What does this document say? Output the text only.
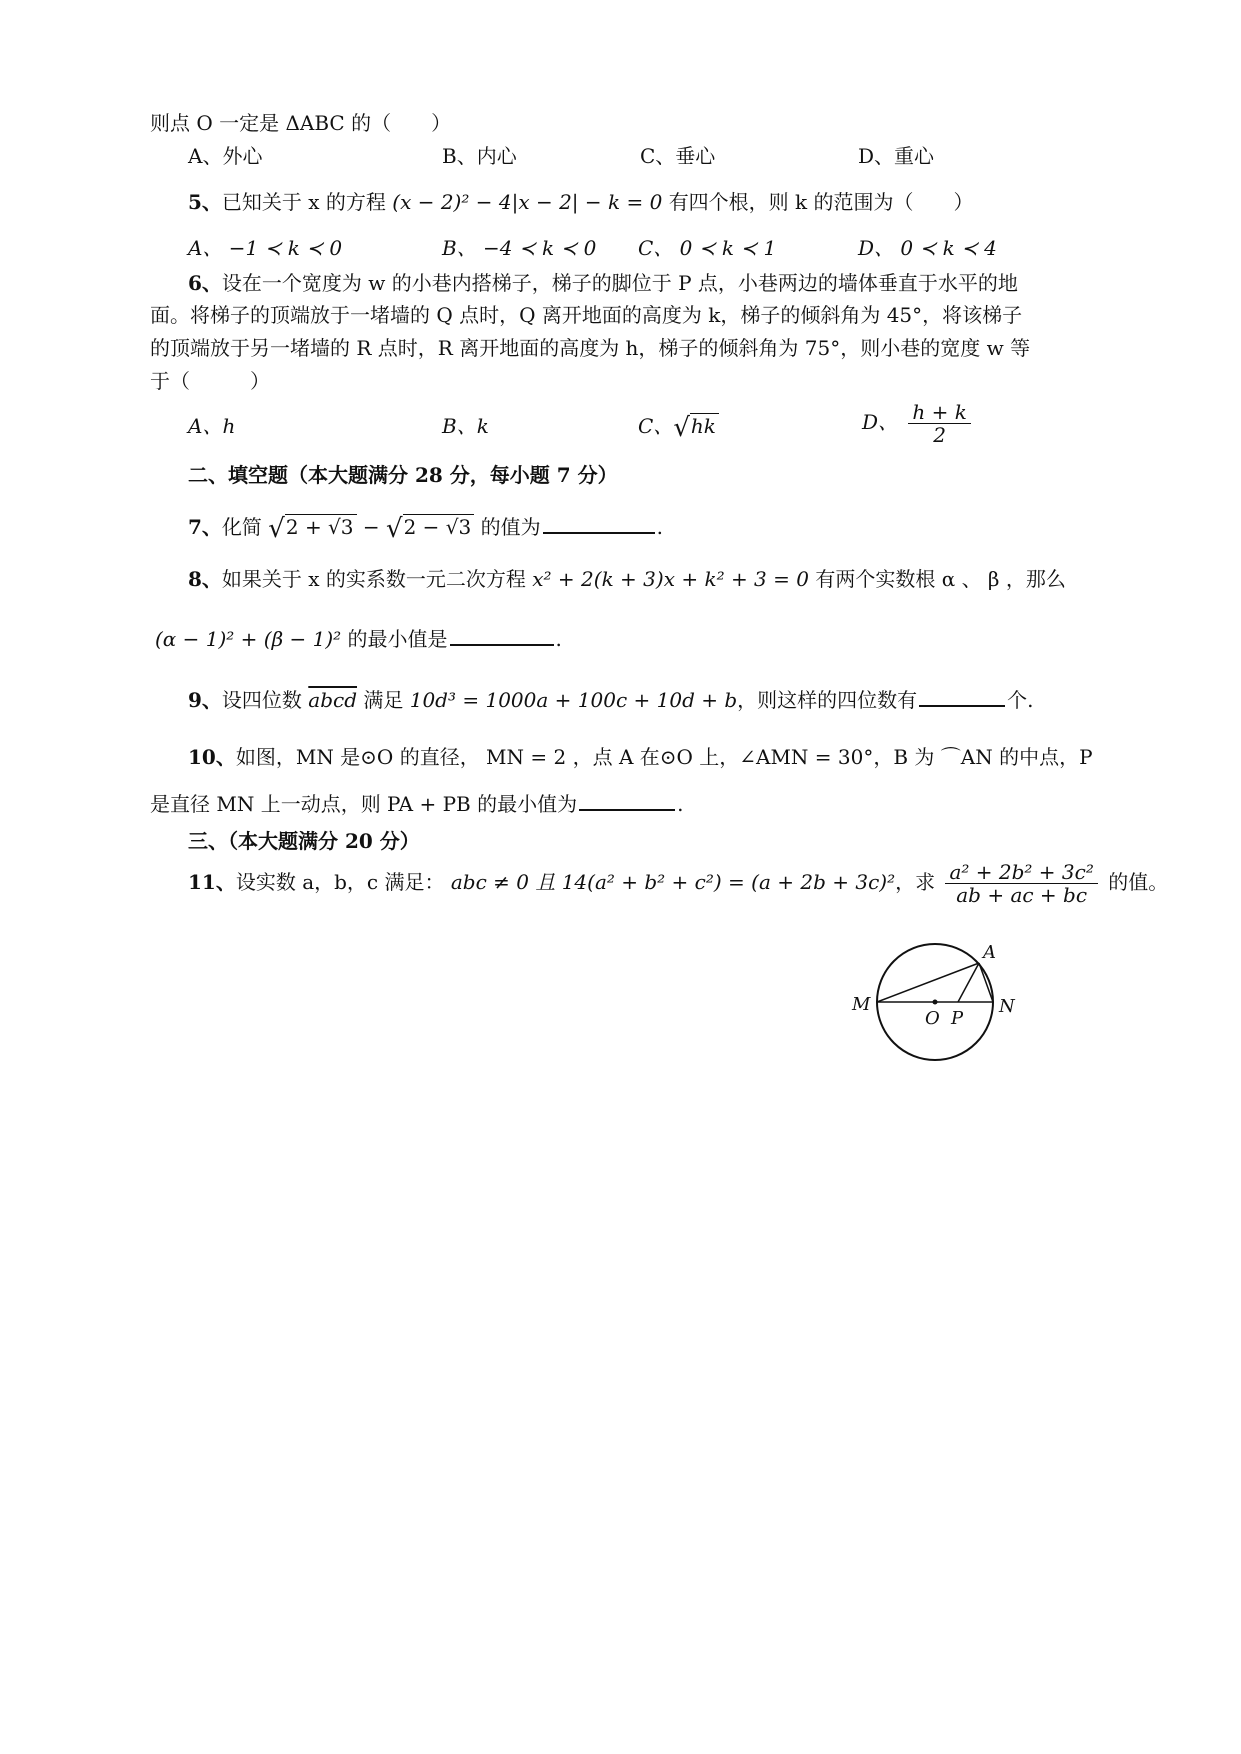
则点 O 一定是 ΔABC 的（　　）
A、外心	B、内心	C、垂心	D、重心
5、已知关于 x 的方程 (x − 2)² − 4|x − 2| − k = 0 有四个根，则 k 的范围为（　　）
A、 −1 ≺ k ≺ 0	B、 −4 ≺ k ≺ 0 C、 0 ≺ k ≺ 1	D、 0 ≺ k ≺ 4
6、设在一个宽度为 w 的小巷内搭梯子，梯子的脚位于 P 点，小巷两边的墙体垂直于水平的地
面。将梯子的顶端放于一堵墙的 Q 点时，Q 离开地面的高度为 k，梯子的倾斜角为 45°，将该梯子
的顶端放于另一堵墙的 R 点时，R 离开地面的高度为 h，梯子的倾斜角为 75°，则小巷的宽度 w 等
于（　　　）
A、h	B、k	C、√hk	D、 $\frac{h + k}{2}$
二、填空题（本大题满分 28 分，每小题 7 分）
7、化简 √2 + √3 − √2 − √3 的值为	.
8、如果关于 x 的实系数一元二次方程 x² + 2(k + 3)x + k² + 3 = 0 有两个实数根 α 、 β ，那么
(α − 1)² + (β − 1)² 的最小值是	.
9、设四位数 abcd 满足 10d³ = 1000a + 100c + 10d + b，则这样的四位数有	个.
10、如图，MN 是⊙O 的直径， MN = 2 ，点 A 在⊙O 上，∠AMN = 30°，B 为 ⌒AN 的中点，P
是直径 MN 上一动点，则 PA + PB 的最小值为	.
三、（本大题满分 20 分）
11、设实数 a，b，c 满足： abc ≠ 0 且 14(a² + b² + c²) = (a + 2b + 3c)²，求 $\frac{\text{a² + 2b² + 3c²}}{ab + ac + bc}$ 的值。
A
M
O P
N
